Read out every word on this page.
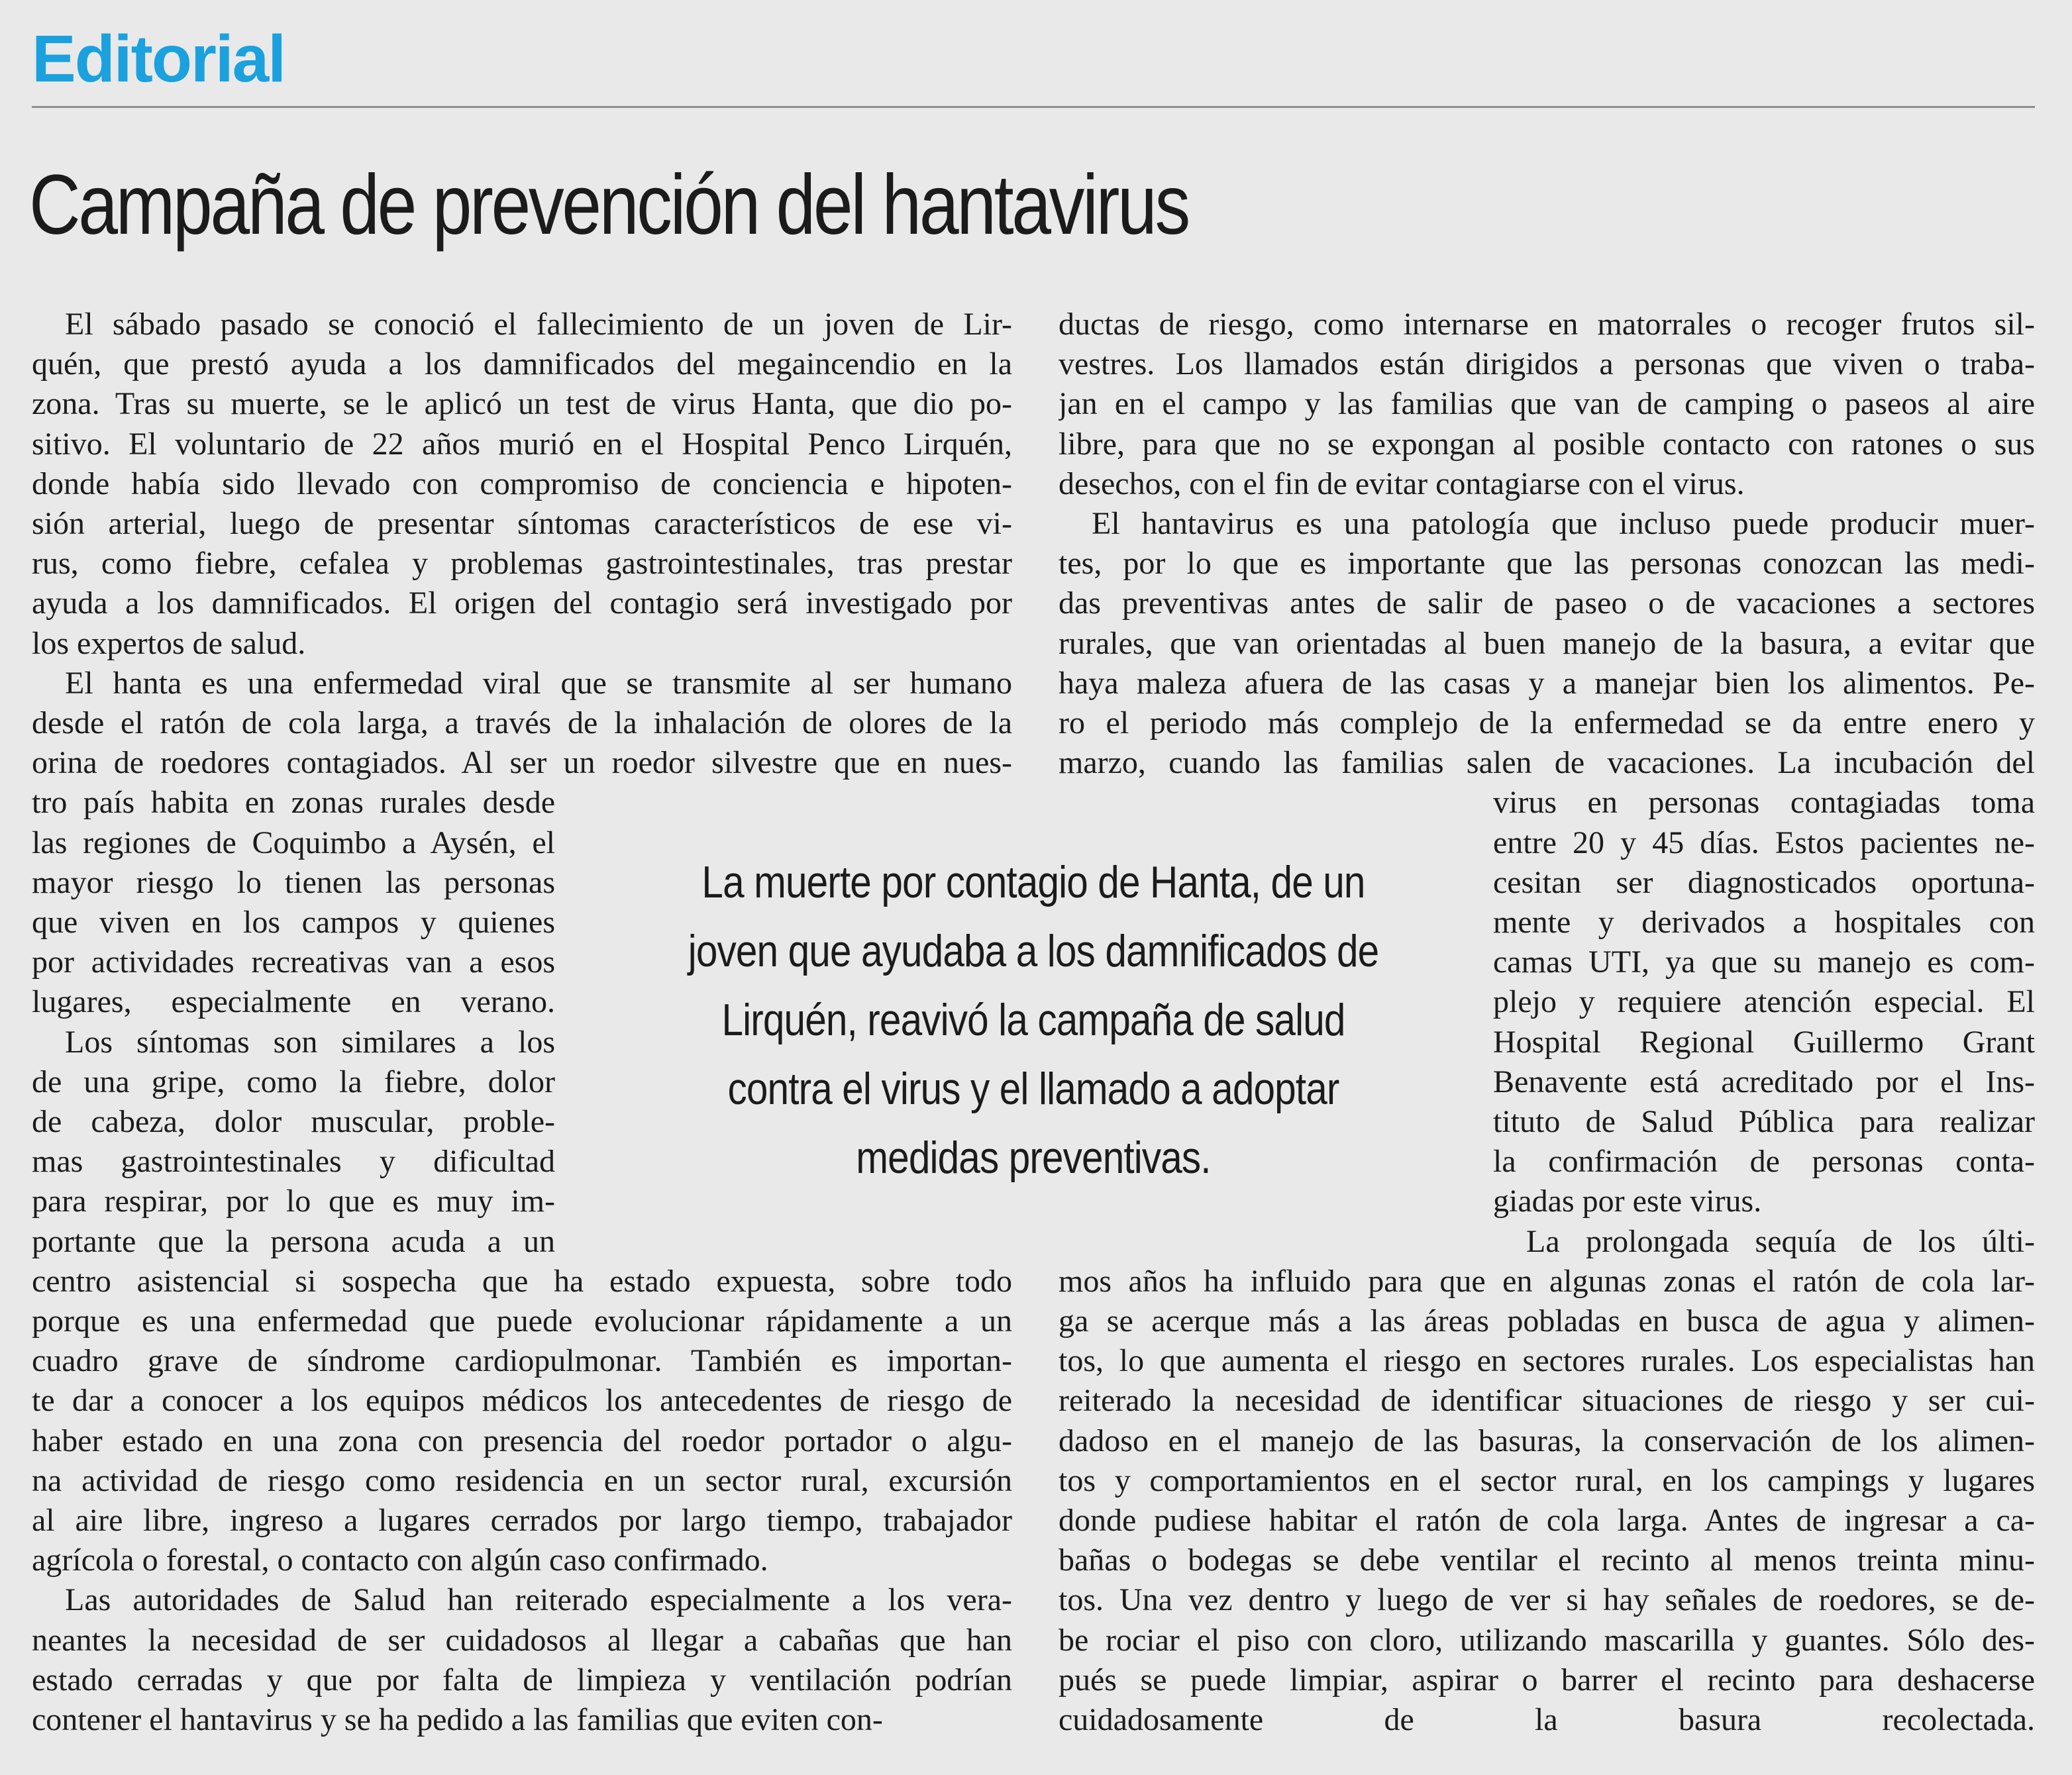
Editorial
Campaña de prevención del hantavirus
El sábado pasado se conoció el fallecimiento de un joven de Lir-
quén, que prestó ayuda a los damnificados del megaincendio en la
zona. Tras su muerte, se le aplicó un test de virus Hanta, que dio po-
sitivo. El voluntario de 22 años murió en el Hospital Penco Lirquén,
donde había sido llevado con compromiso de conciencia e hipoten-
sión arterial, luego de presentar síntomas característicos de ese vi-
rus, como fiebre, cefalea y problemas gastrointestinales, tras prestar
ayuda a los damnificados. El origen del contagio será investigado por
los expertos de salud.
El hanta es una enfermedad viral que se transmite al ser humano
desde el ratón de cola larga, a través de la inhalación de olores de la
orina de roedores contagiados. Al ser un roedor silvestre que en nues-
tro país habita en zonas rurales desde
las regiones de Coquimbo a Aysén, el
mayor riesgo lo tienen las personas
que viven en los campos y quienes
por actividades recreativas van a esos
lugares, especialmente en verano.
Los síntomas son similares a los
de una gripe, como la fiebre, dolor
de cabeza, dolor muscular, proble-
mas gastrointestinales y dificultad
para respirar, por lo que es muy im-
portante que la persona acuda a un
centro asistencial si sospecha que ha estado expuesta, sobre todo
porque es una enfermedad que puede evolucionar rápidamente a un
cuadro grave de síndrome cardiopulmonar. También es importan-
te dar a conocer a los equipos médicos los antecedentes de riesgo de
haber estado en una zona con presencia del roedor portador o algu-
na actividad de riesgo como residencia en un sector rural, excursión
al aire libre, ingreso a lugares cerrados por largo tiempo, trabajador
agrícola o forestal, o contacto con algún caso confirmado.
Las autoridades de Salud han reiterado especialmente a los vera-
neantes la necesidad de ser cuidadosos al llegar a cabañas que han
estado cerradas y que por falta de limpieza y ventilación podrían
contener el hantavirus y se ha pedido a las familias que eviten con-
ductas de riesgo, como internarse en matorrales o recoger frutos sil-
vestres. Los llamados están dirigidos a personas que viven o traba-
jan en el campo y las familias que van de camping o paseos al aire
libre, para que no se expongan al posible contacto con ratones o sus
desechos, con el fin de evitar contagiarse con el virus.
El hantavirus es una patología que incluso puede producir muer-
tes, por lo que es importante que las personas conozcan las medi-
das preventivas antes de salir de paseo o de vacaciones a sectores
rurales, que van orientadas al buen manejo de la basura, a evitar que
haya maleza afuera de las casas y a manejar bien los alimentos. Pe-
ro el periodo más complejo de la enfermedad se da entre enero y
marzo, cuando las familias salen de vacaciones. La incubación del
virus en personas contagiadas toma
entre 20 y 45 días. Estos pacientes ne-
cesitan ser diagnosticados oportuna-
mente y derivados a hospitales con
camas UTI, ya que su manejo es com-
plejo y requiere atención especial. El
Hospital Regional Guillermo Grant
Benavente está acreditado por el Ins-
tituto de Salud Pública para realizar
la confirmación de personas conta-
giadas por este virus.
La prolongada sequía de los últi-
mos años ha influido para que en algunas zonas el ratón de cola lar-
ga se acerque más a las áreas pobladas en busca de agua y alimen-
tos, lo que aumenta el riesgo en sectores rurales. Los especialistas han
reiterado la necesidad de identificar situaciones de riesgo y ser cui-
dadoso en el manejo de las basuras, la conservación de los alimen-
tos y comportamientos en el sector rural, en los campings y lugares
donde pudiese habitar el ratón de cola larga. Antes de ingresar a ca-
bañas o bodegas se debe ventilar el recinto al menos treinta minu-
tos. Una vez dentro y luego de ver si hay señales de roedores, se de-
be rociar el piso con cloro, utilizando mascarilla y guantes. Sólo des-
pués se puede limpiar, aspirar o barrer el recinto para deshacerse
cuidadosamente de la basura recolectada.

La muerte por contagio de Hanta, de un joven que ayudaba a los damnificados de Lirquén, reavivó la campaña de salud contra el virus y el llamado a adoptar medidas preventivas.
